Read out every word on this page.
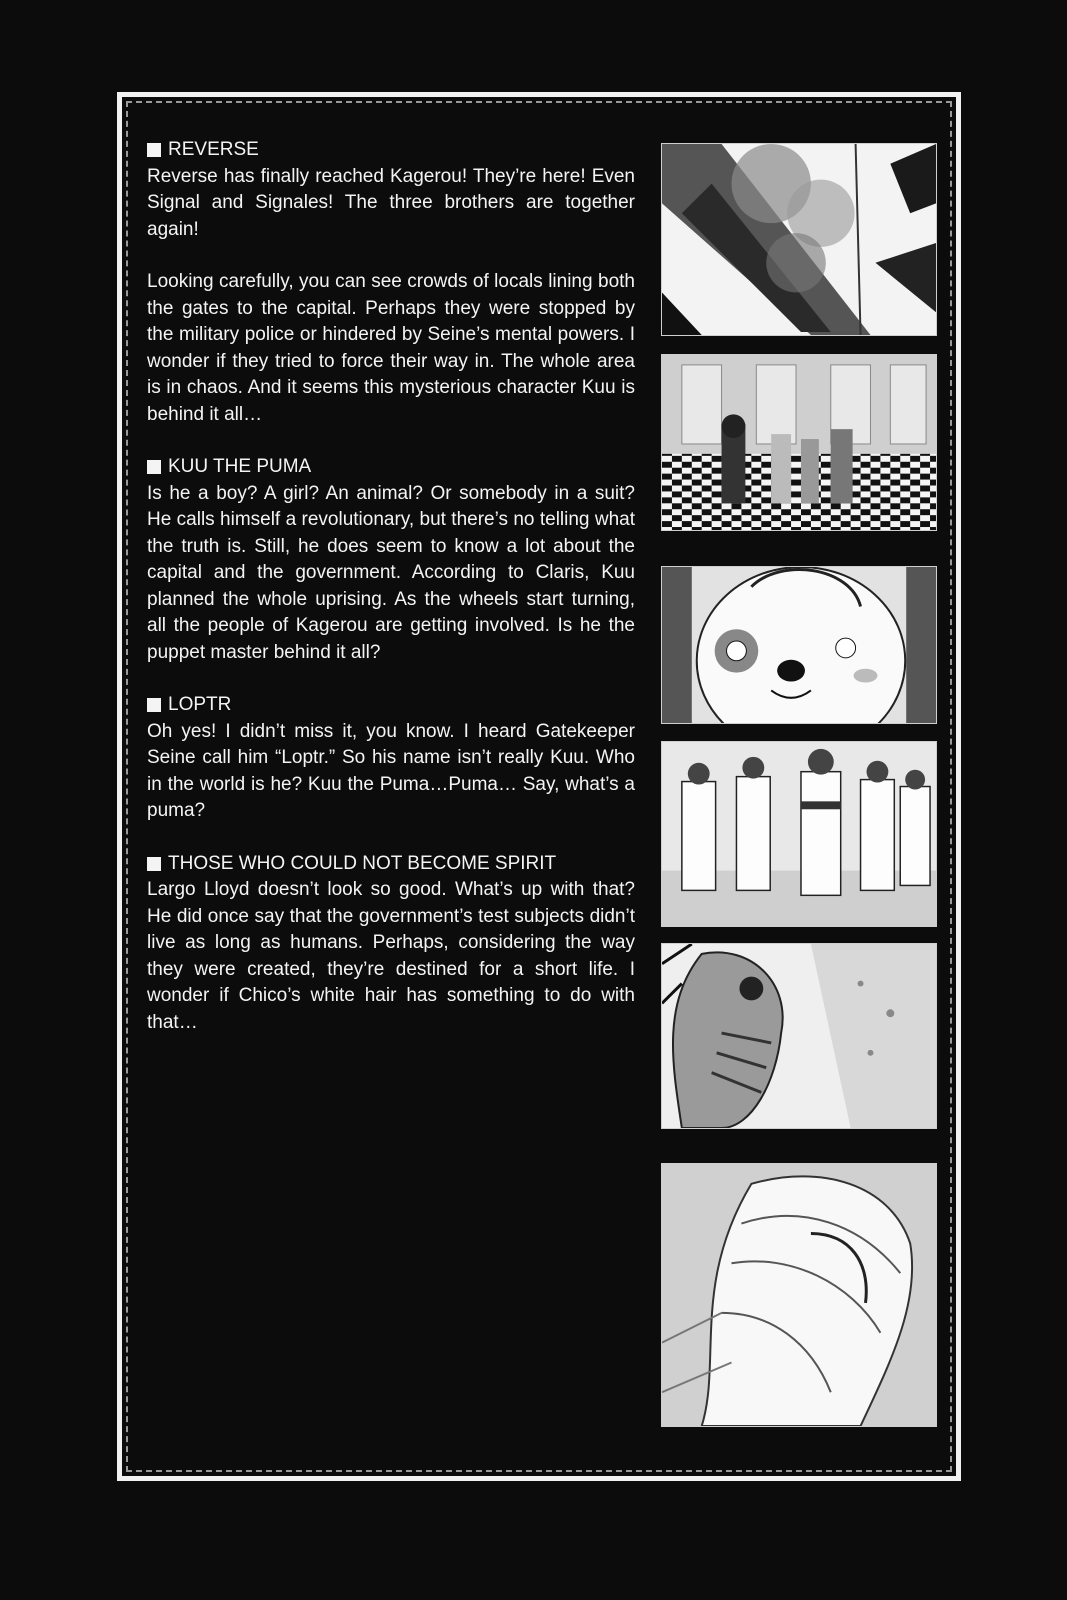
REVERSE

Reverse has finally reached Kagerou! They’re here! Even Signal and Signales! The three brothers are together again!

Looking carefully, you can see crowds of locals lining both the gates to the capital. Perhaps they were stopped by the military police or hindered by Seine’s mental powers. I wonder if they tried to force their way in. The whole area is in chaos. And it seems this mysterious character Kuu is behind it all…

KUU THE PUMA

Is he a boy? A girl? An animal? Or somebody in a suit? He calls himself a revolutionary, but there’s no telling what the truth is. Still, he does seem to know a lot about the capital and the government. According to Claris, Kuu planned the whole uprising. As the wheels start turning, all the people of Kagerou are getting involved. Is he the puppet master behind it all?

LOPTR

Oh yes! I didn’t miss it, you know. I heard Gatekeeper Seine call him “Loptr.” So his name isn’t really Kuu. Who in the world is he? Kuu the Puma…Puma… Say, what’s a puma?

THOSE WHO COULD NOT BECOME SPIRIT

Largo Lloyd doesn’t look so good. What’s up with that? He did once say that the government’s test subjects didn’t live as long as humans. Perhaps, considering the way they were created, they’re destined for a short life. I wonder if Chico’s white hair has something to do with that…
